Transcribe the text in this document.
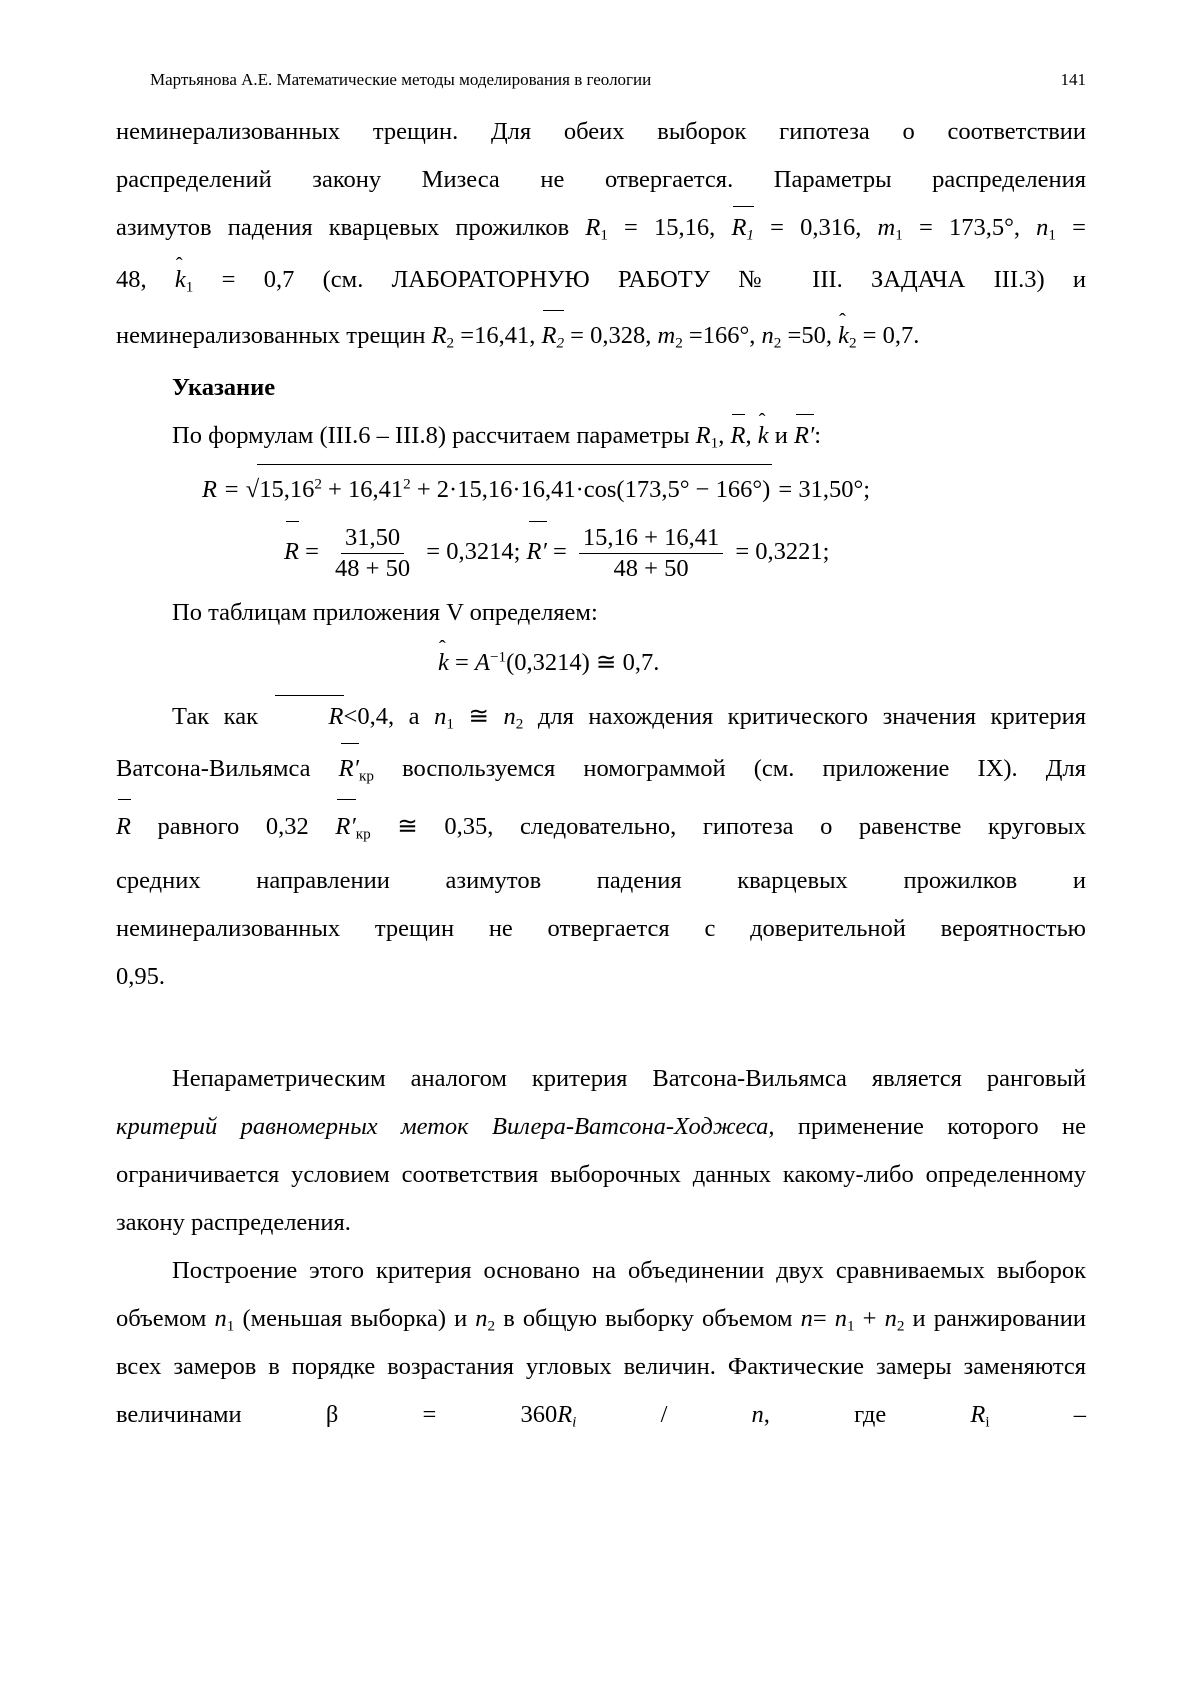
Мартьянова А.Е. Математические методы моделирования в геологии	141

неминерализованных трещин. Для обеих выборок гипотеза о соответствии

распределений закону Мизеса не отвергается. Параметры распределения

азимутов падения кварцевых прожилков $R_1 = 15,16$, $R_1 = 0,316$, $m_1 = 173,5^\circ$, $n_1$ =

48, ˆ $k_1 = 0,7$ (см. ЛАБОРАТОРНУЮ РАБОТУ № III. ЗАДАЧА III.3) и

неминерализованных трещин $R_2 =16,41$, $R_2 = 0,328$, $m_2 =166^\circ$, $n_2 =50$, ˆ $k_2 = 0,7$.

Указание

По формулам (III.6 – III.8) рассчитаем параметры $R_1$, R, ˆ k и R′:

$R = √15,16^2 + 16,41^2 + 2\cdot 15,16\cdot 16,41\cdot\cos(173,5^\circ - 166^\circ) = 31,50^\circ$;

$R = \frac{31,50}{48 + 50} = 0,3214$; $R' = \frac{15,16 + 16,41}{48 + 50} = 0,3221$;

По таблицам приложения V определяем:

ˆ $k = A^{-1}(0,3214)$ ≅ 0,7.

Так как R<0,4, а $n_1$ ≅ $n_2$ для нахождения критического значения критерия

Ватсона-Вильямса $R'_{кр}$ воспользуемся номограммой (см. приложение IX). Для

R равного 0,32 $R'_{кр}$ ≅ 0,35, следовательно, гипотеза о равенстве круговых

средних направлении азимутов падения кварцевых прожилков и

неминерализованных трещин не отвергается с доверительной вероятностью

0,95.

Непараметрическим аналогом критерия Ватсона-Вильямса является ранговый критерий равномерных меток Вилера-Ватсона-Ходжеса, применение которого не ограничивается условием соответствия выборочных данных какому-либо определенному закону распределения.

Построение этого критерия основано на объединении двух сравниваемых выборок объемом $n_1$ (меньшая выборка) и $n_2$ в общую выборку объемом $n= n_1 + n_2$ и ранжировании всех замеров в порядке возрастания угловых величин. Фактические замеры заменяются величинами $\beta = 360R_i / n$, где $R_i$ –
